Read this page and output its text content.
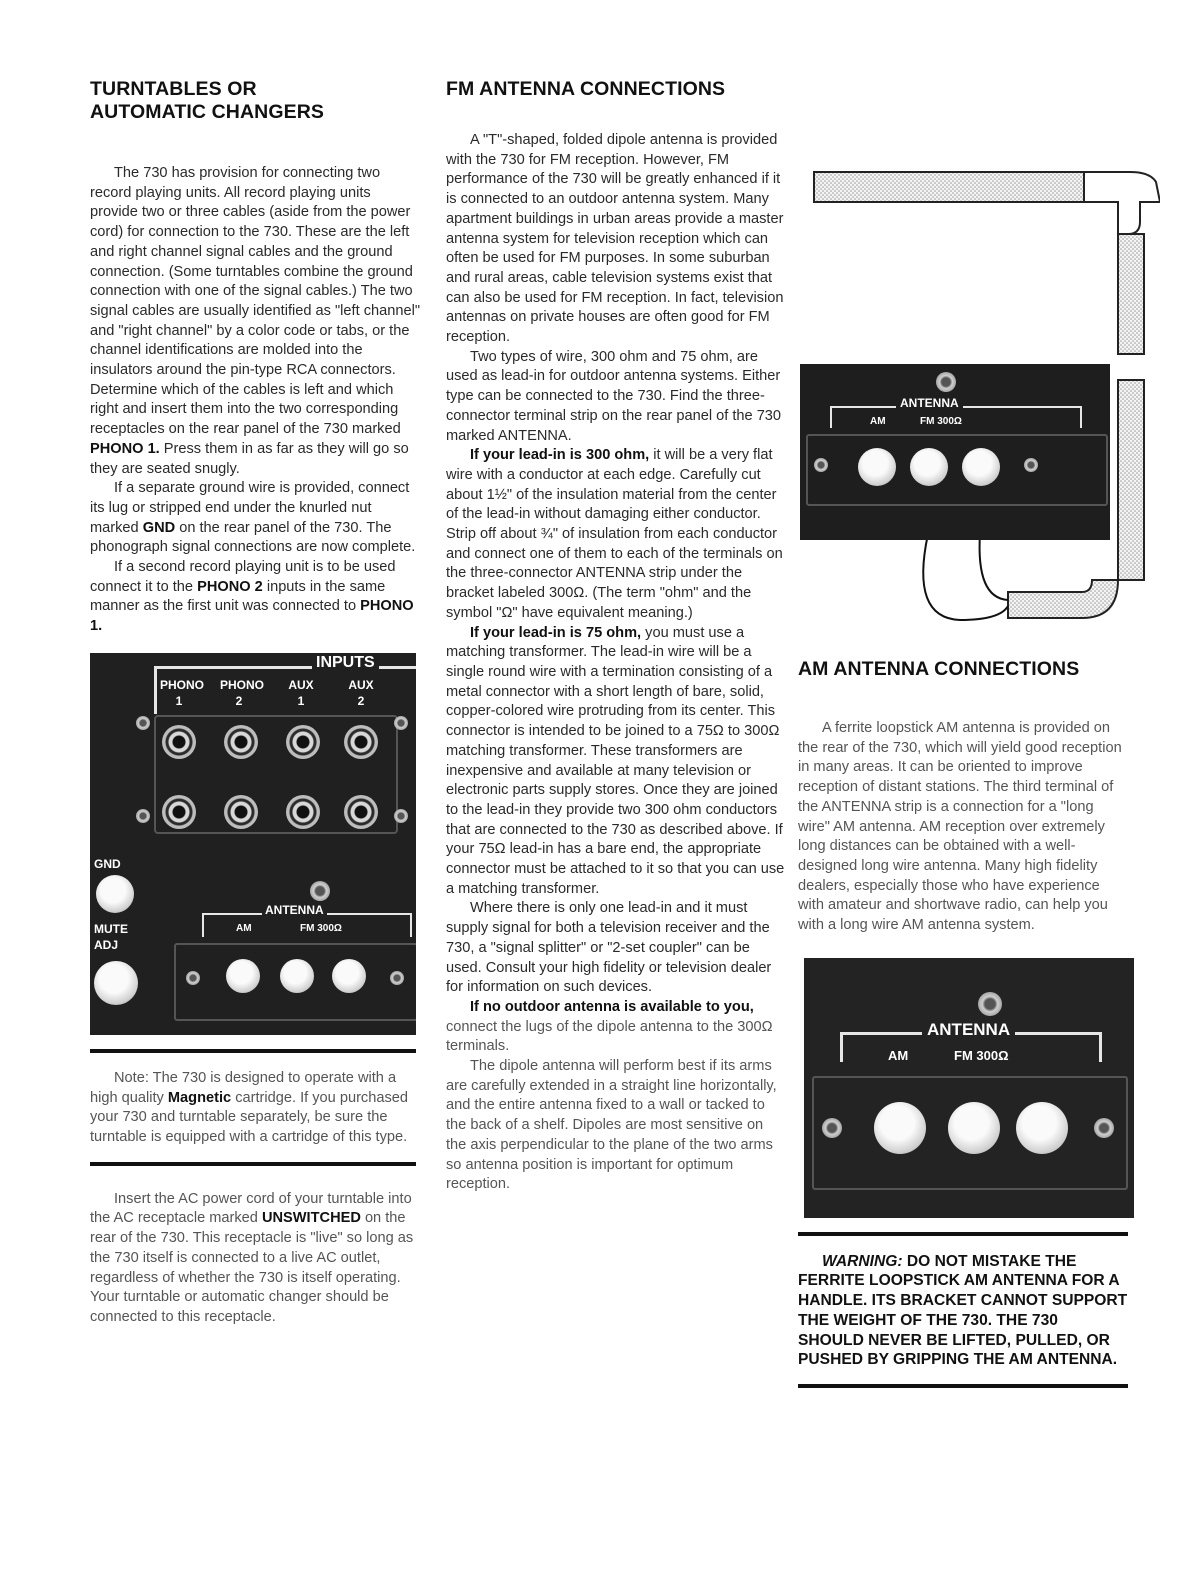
TURNTABLES OR
AUTOMATIC CHANGERS

The 730 has provision for connecting two record playing units. All record playing units provide two or three cables (aside from the power cord) for connection to the 730. These are the left and right channel signal cables and the ground connection. (Some turntables combine the ground connection with one of the signal cables.) The two signal cables are usually identified as "left channel" and "right channel" by a color code or tabs, or the channel identifications are molded into the insulators around the pin-type RCA connectors. Determine which of the cables is left and which right and insert them into the two corresponding receptacles on the rear panel of the 730 marked PHONO 1. Press them in as far as they will go so they are seated snugly.

If a separate ground wire is provided, connect its lug or stripped end under the knurled nut marked GND on the rear panel of the 730. The phonograph signal connections are now complete.

If a second record playing unit is to be used connect it to the PHONO 2 inputs in the same manner as the first unit was connected to PHONO 1.

INPUTS
PHONO
1
PHONO
2
AUX
1
AUX
2
GND
MUTE
ADJ
ANTENNA
AM	FM 300Ω

Note: The 730 is designed to operate with a high quality Magnetic cartridge. If you purchased your 730 and turntable separately, be sure the turntable is equipped with a cartridge of this type.

Insert the AC power cord of your turntable into the AC receptacle marked UNSWITCHED on the rear of the 730. This receptacle is "live" so long as the 730 itself is connected to a live AC outlet, regardless of whether the 730 is itself operating. Your turntable or automatic changer should be connected to this receptacle.

FM ANTENNA CONNECTIONS

A "T"-shaped, folded dipole antenna is provided with the 730 for FM reception. However, FM performance of the 730 will be greatly enhanced if it is connected to an outdoor antenna system. Many apartment buildings in urban areas provide a master antenna system for television reception which can often be used for FM purposes. In some suburban and rural areas, cable television systems exist that can also be used for FM reception. In fact, television antennas on private houses are often good for FM reception.

Two types of wire, 300 ohm and 75 ohm, are used as lead-in for outdoor antenna systems. Either type can be connected to the 730. Find the three-connector terminal strip on the rear panel of the 730 marked ANTENNA.

If your lead-in is 300 ohm, it will be a very flat wire with a conductor at each edge. Carefully cut about 1½" of the insulation material from the center of the lead-in without damaging either conductor. Strip off about ¾" of insulation from each conductor and connect one of them to each of the terminals on the three-connector ANTENNA strip under the bracket labeled 300Ω. (The term "ohm" and the symbol "Ω" have equivalent meaning.)

If your lead-in is 75 ohm, you must use a matching transformer. The lead-in wire will be a single round wire with a termination consisting of a metal connector with a short length of bare, solid, copper-colored wire protruding from its center. This connector is intended to be joined to a 75Ω to 300Ω matching transformer. These transformers are inexpensive and available at many television or electronic parts supply stores. Once they are joined to the lead-in they provide two 300 ohm conductors that are connected to the 730 as described above. If your 75Ω lead-in has a bare end, the appropriate connector must be attached to it so that you can use a matching transformer.

Where there is only one lead-in and it must supply signal for both a television receiver and the 730, a "signal splitter" or "2-set coupler" can be used. Consult your high fidelity or television dealer for information on such devices.

If no outdoor antenna is available to you, connect the lugs of the dipole antenna to the 300Ω terminals.

The dipole antenna will perform best if its arms are carefully extended in a straight line horizontally, and the entire antenna fixed to a wall or tacked to the back of a shelf. Dipoles are most sensitive on the axis perpendicular to the plane of the two arms so antenna position is important for optimum reception.

ANTENNA
AM	FM 300Ω
AM ANTENNA CONNECTIONS

A ferrite loopstick AM antenna is provided on the rear of the 730, which will yield good reception in many areas. It can be oriented to improve reception of distant stations. The third terminal of the ANTENNA strip is a connection for a "long wire" AM antenna. AM reception over extremely long distances can be obtained with a well-designed long wire antenna. Many high fidelity dealers, especially those who have experience with amateur and shortwave radio, can help you with a long wire AM antenna system.

ANTENNA
AM	FM 300Ω

WARNING: DO NOT MISTAKE THE FERRITE LOOPSTICK AM ANTENNA FOR A HANDLE. ITS BRACKET CANNOT SUPPORT THE WEIGHT OF THE 730. THE 730 SHOULD NEVER BE LIFTED, PULLED, OR PUSHED BY GRIPPING THE AM ANTENNA.
